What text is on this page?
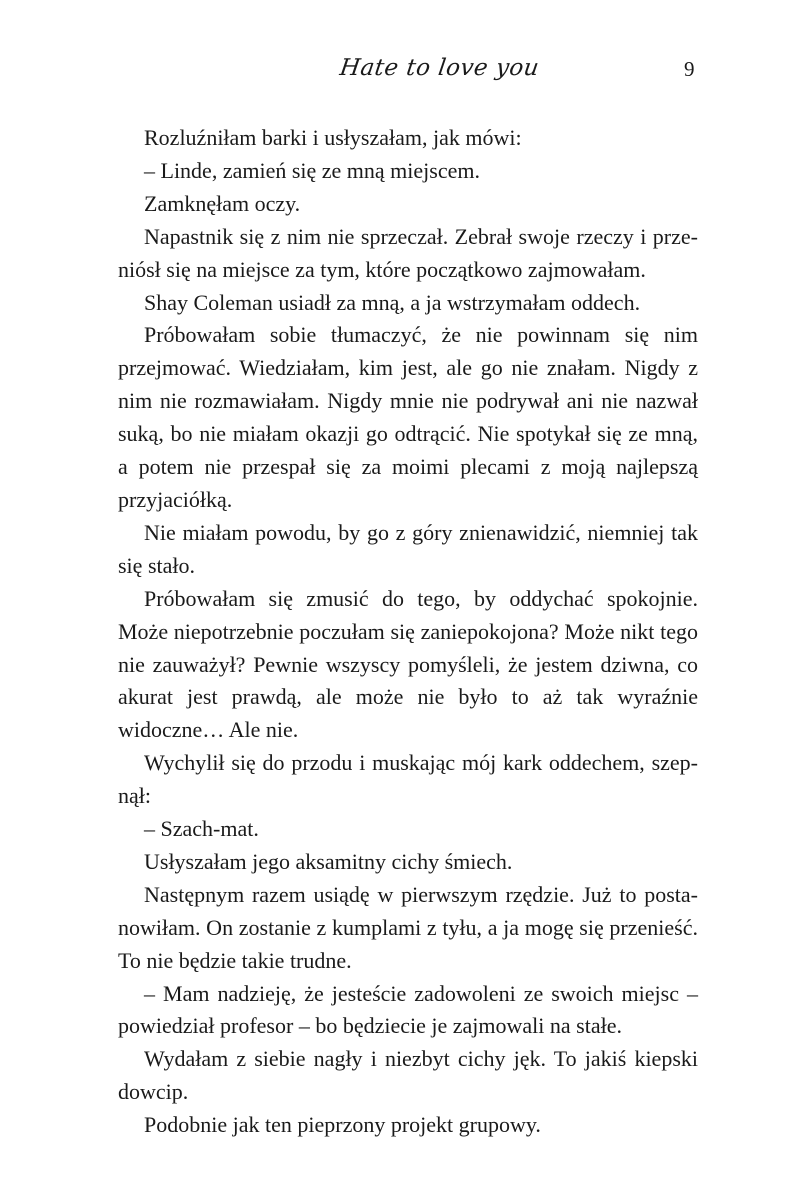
Hate to love you	9

Rozluźniłam barki i usłyszałam, jak mówi:

– Linde, zamień się ze mną miejscem.

Zamknęłam oczy.

Napastnik się z nim nie sprzeczał. Zebrał swoje rzeczy i przeniósł się na miejsce za tym, które początkowo zajmowałam.

Shay Coleman usiadł za mną, a ja wstrzymałam oddech.

Próbowałam sobie tłumaczyć, że nie powinnam się nim przejmować. Wiedziałam, kim jest, ale go nie znałam. Nigdy z nim nie rozmawiałam. Nigdy mnie nie podrywał ani nie nazwał suką, bo nie miałam okazji go odtrącić. Nie spotykał się ze mną, a potem nie przespał się za moimi plecami z moją najlepszą przyjaciółką.

Nie miałam powodu, by go z góry znienawidzić, niemniej tak się stało.

Próbowałam się zmusić do tego, by oddychać spokojnie. Może niepotrzebnie poczułam się zaniepokojona? Może nikt tego nie zauważył? Pewnie wszyscy pomyśleli, że jestem dziwna, co akurat jest prawdą, ale może nie było to aż tak wyraźnie widoczne… Ale nie.

Wychylił się do przodu i muskając mój kark oddechem, szepnął:

– Szach-mat.

Usłyszałam jego aksamitny cichy śmiech.

Następnym razem usiądę w pierwszym rzędzie. Już to postanowiłam. On zostanie z kumplami z tyłu, a ja mogę się przenieść. To nie będzie takie trudne.

– Mam nadzieję, że jesteście zadowoleni ze swoich miejsc – powiedział profesor – bo będziecie je zajmowali na stałe.

Wydałam z siebie nagły i niezbyt cichy jęk. To jakiś kiepski dowcip.

Podobnie jak ten pieprzony projekt grupowy.
